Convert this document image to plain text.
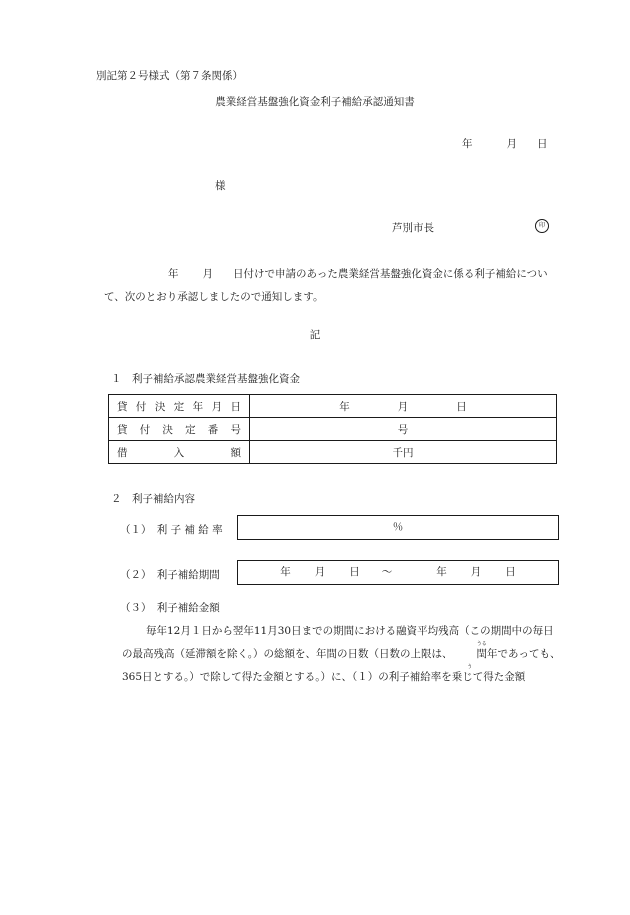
別記第２号様式（第７条関係）
農業経営基盤強化資金利子補給承認通知書
年	月 日
様
芦別市長	印
年 月 日付けで申請のあった農業経営基盤強化資金に係る利子補給について、次のとおり承認しましたので通知します。
記
１　利子補給承認農業経営基盤強化資金
貸付決定年月日	年 月 日
貸付決定番号	号
借入額	千円
２　利子補給内容
（１）　利 子 補 給 率	％
（２）　利子補給期間	年 月 日 ～	年 月 日
（３）　利子補給金額
毎年12月１日から翌年11月30日までの期間における融資平均残高（この期間中の毎日の最高残高（延滞額を除く。）の総額を、年間の日数（日数の上限は、
うるう
閏年であっても、365日とする。）で除して得た金額とする。）に、（１）の利子補給率を乗じて得た金額
